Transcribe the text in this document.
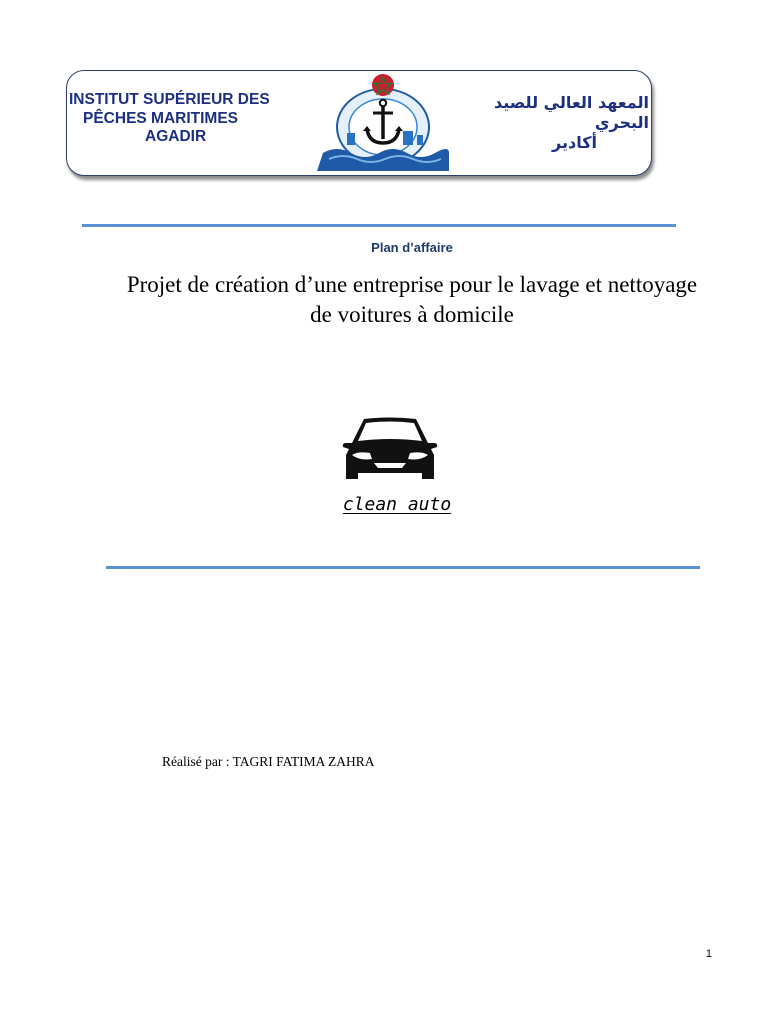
INSTITUT SUPÉRIEUR DES
PÊCHES MARITIMES
AGADIR
المعهد العالي للصيد البحري
أكادير
Plan d’affaire
Projet de création d’une entreprise pour le lavage et nettoyage de voitures à domicile
clean auto
Réalisé par : TAGRI FATIMA ZAHRA
1
